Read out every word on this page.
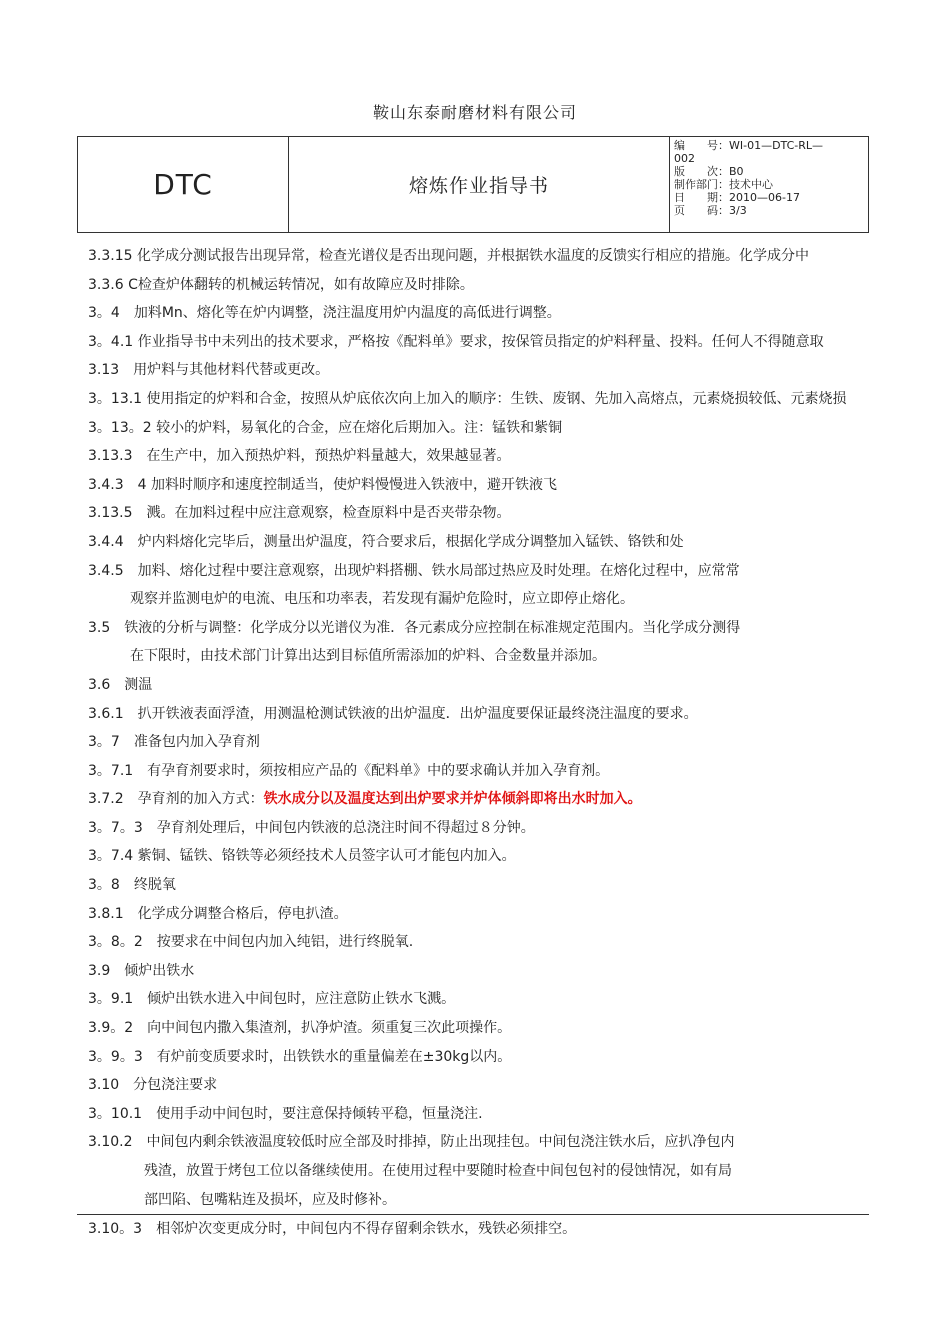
鞍山东泰耐磨材料有限公司
DTC	熔炼作业指导书
编　　号：WI-01—DTC-RL—
002
版　　次：B0
制作部门：技术中心
日　　期：2010—06-17
页　　码：3/3
3.3.15 化学成分测试报告出现异常，检查光谱仪是否出现问题，并根据铁水温度的反馈实行相应的措施。化学成分中
3.3.6 C检查炉体翻转的机械运转情况，如有故障应及时排除。
3。4　加料Mn、熔化等在炉内调整，浇注温度用炉内温度的高低进行调整。
3。4.1 作业指导书中未列出的技术要求，严格按《配料单》要求，按保管员指定的炉料秤量、投料。任何人不得随意取
3.13　用炉料与其他材料代替或更改。
3。13.1 使用指定的炉料和合金，按照从炉底依次向上加入的顺序：生铁、废钢、先加入高熔点，元素烧损较低、元素烧损
3。13。2 较小的炉料，易氧化的合金，应在熔化后期加入。注：锰铁和紫铜
3.13.3　在生产中，加入预热炉料，预热炉料量越大，效果越显著。
3.4.3　4 加料时顺序和速度控制适当，使炉料慢慢进入铁液中，避开铁液飞
3.13.5　溅。在加料过程中应注意观察，检查原料中是否夹带杂物。
3.4.4　炉内料熔化完毕后，测量出炉温度，符合要求后，根据化学成分调整加入锰铁、铬铁和处
3.4.5　加料、熔化过程中要注意观察，出现炉料搭棚、铁水局部过热应及时处理。在熔化过程中，应常常
　　　观察并监测电炉的电流、电压和功率表，若发现有漏炉危险时，应立即停止熔化。
3.5　铁液的分析与调整：化学成分以光谱仪为准．各元素成分应控制在标准规定范围内。当化学成分测得
　　　在下限时，由技术部门计算出达到目标值所需添加的炉料、合金数量并添加。
3.6　测温
3.6.1　扒开铁液表面浮渣，用测温枪测试铁液的出炉温度．出炉温度要保证最终浇注温度的要求。
3。7　准备包内加入孕育剂
3。7.1　有孕育剂要求时，须按相应产品的《配料单》中的要求确认并加入孕育剂。
3.7.2　孕育剂的加入方式：铁水成分以及温度达到出炉要求并炉体倾斜即将出水时加入。
3。7。3　孕育剂处理后，中间包内铁液的总浇注时间不得超过８分钟。
3。7.4 紫铜、锰铁、铬铁等必须经技术人员签字认可才能包内加入。
3。8　终脱氧
3.8.1　化学成分调整合格后，停电扒渣。
3。8。2　按要求在中间包内加入纯铝，进行终脱氧.
3.9　倾炉出铁水
3。9.1　倾炉出铁水进入中间包时，应注意防止铁水飞溅。
3.9。2　向中间包内撒入集渣剂，扒净炉渣。须重复三次此项操作。
3。9。3　有炉前变质要求时，出铁铁水的重量偏差在±30kg以内。
3.10　分包浇注要求
3。10.1　使用手动中间包时，要注意保持倾转平稳，恒量浇注.
3.10.2　中间包内剩余铁液温度较低时应全部及时排掉，防止出现挂包。中间包浇注铁水后，应扒净包内
　　　　残渣，放置于烤包工位以备继续使用。在使用过程中要随时检查中间包包衬的侵蚀情况，如有局
　　　　部凹陷、包嘴粘连及损坏，应及时修补。
3.10。3　相邻炉次变更成分时，中间包内不得存留剩余铁水，残铁必须排空。
